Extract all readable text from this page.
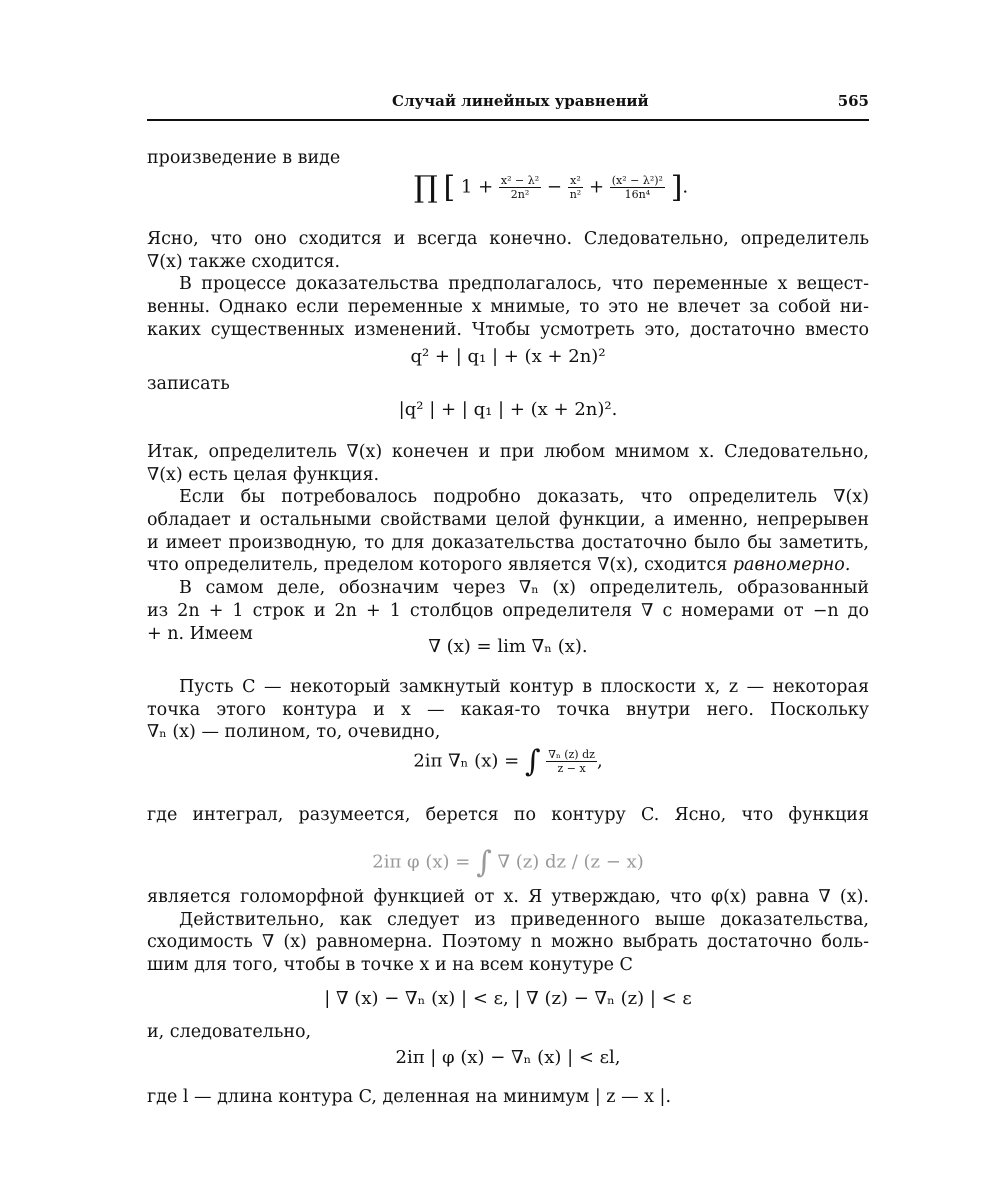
Случай линейных уравнений	565
произведение в виде
∏ [ $1 + \frac{\text{x² − λ²}}{\text{2n²}} - \frac{\text{x²}}{\text{n²}} + \frac{\text{(x² − λ²)²}}{\text{16n⁴}}$ ].
Ясно, что оно сходится и всегда конечно. Следовательно, определитель
∇(x) также сходится.
В процессе доказательства предполагалось, что переменные x вещест-
венны. Однако если переменные x мнимые, то это не влечет за собой ни-
каких существенных изменений. Чтобы усмотреть это, достаточно вместо
q² + | q₁ | + (x + 2n)²
записать
|q² | + | q₁ | + (x + 2n)².
Итак, определитель ∇(x) конечен и при любом мнимом x. Следовательно,
∇(x) есть целая функция.
Если бы потребовалось подробно доказать, что определитель ∇(x)
обладает и остальными свойствами целой функции, а именно, непрерывен
и имеет производную, то для доказательства достаточно было бы заметить,
что определитель, пределом которого является ∇(x), сходится равномерно.
В самом деле, обозначим через ∇ₙ (x) определитель, образованный
из 2n + 1 строк и 2n + 1 столбцов определителя ∇ с номерами от −n до
+ n. Имеем
∇ (x) = lim ∇ₙ (x).
Пусть C — некоторый замкнутый контур в плоскости x, z — некоторая
точка этого контура и x — какая-то точка внутри него. Поскольку
∇ₙ (x) — полином, то, очевидно,
2iπ ∇ₙ (x) = ∫ $\frac{\text{∇ₙ (z) dz}}{z - x}$ ,
где интеграл, разумеется, берется по контуру C. Ясно, что функция
2iπ φ (x) = ∫ ∇ (z) dz / (z − x)
является голоморфной функцией от x. Я утверждаю, что φ(x) равна ∇ (x).
Действительно, как следует из приведенного выше доказательства,
сходимость ∇ (x) равномерна. Поэтому n можно выбрать достаточно боль-
шим для того, чтобы в точке x и на всем конутуре C
| ∇ (x) − ∇ₙ (x) | < ε, | ∇ (z) − ∇ₙ (z) | < ε
и, следовательно,
2iπ | φ (x) − ∇ₙ (x) | < εl,
где l — длина контура C, деленная на минимум | z — x |.
